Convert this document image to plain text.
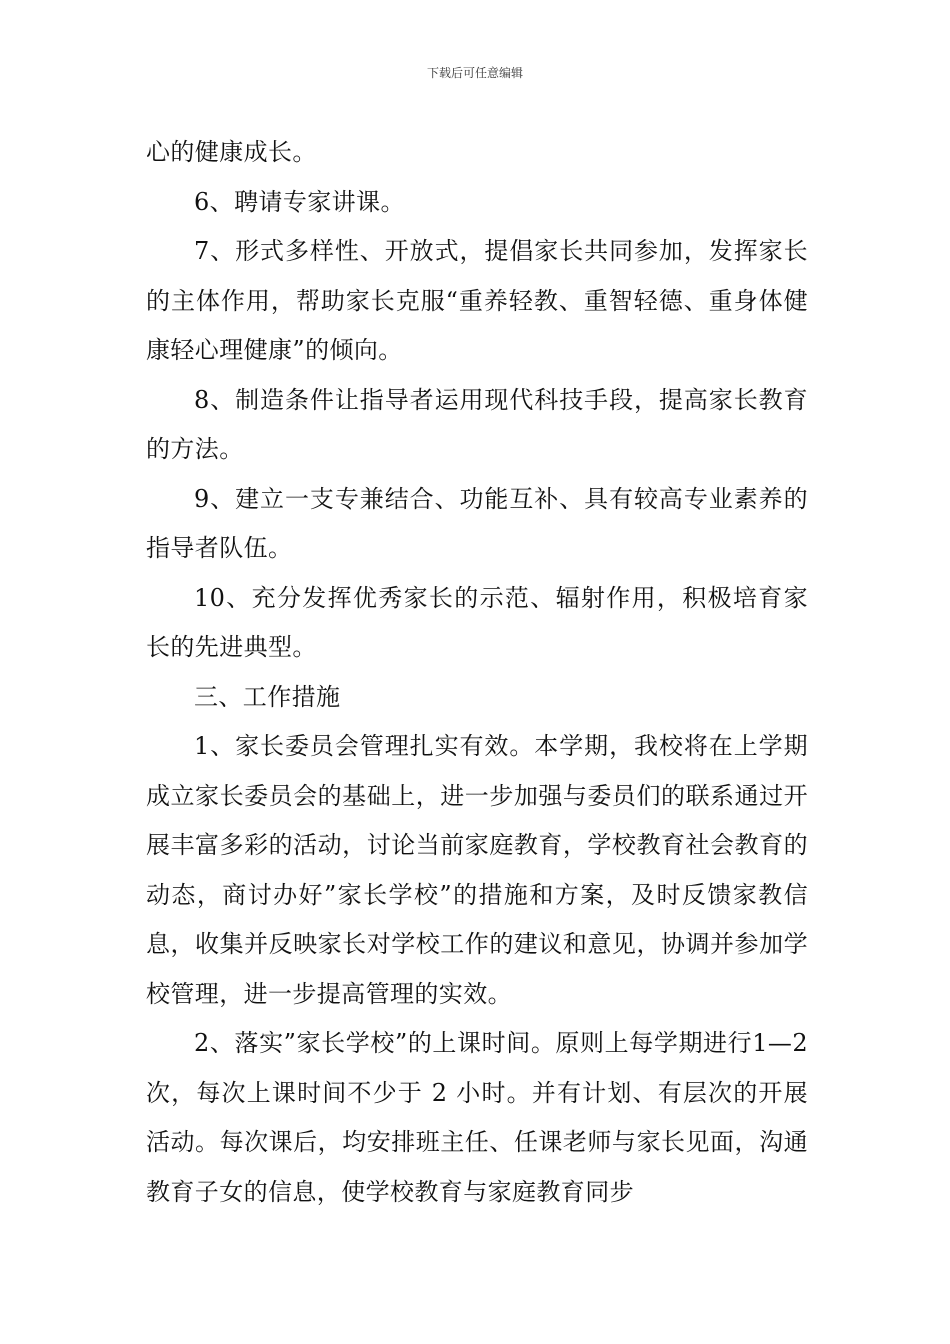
下载后可任意编辑

心的健康成长。

6、聘请专家讲课。

7、形式多样性、开放式，提倡家长共同参加，发挥家长的主体作用，帮助家长克服“重养轻教、重智轻德、重身体健康轻心理健康”的倾向。

8、制造条件让指导者运用现代科技手段，提高家长教育的方法。

9、建立一支专兼结合、功能互补、具有较高专业素养的指导者队伍。

10、充分发挥优秀家长的示范、辐射作用，积极培育家长的先进典型。

三、工作措施

1、家长委员会管理扎实有效。本学期，我校将在上学期成立家长委员会的基础上，进一步加强与委员们的联系通过开展丰富多彩的活动，讨论当前家庭教育，学校教育社会教育的动态，商讨办好”家长学校”的措施和方案，及时反馈家教信息，收集并反映家长对学校工作的建议和意见，协调并参加学校管理，进一步提高管理的实效。

2、落实”家长学校”的上课时间。原则上每学期进行1—2 次，每次上课时间不少于 2 小时。并有计划、有层次的开展活动。每次课后，均安排班主任、任课老师与家长见面，沟通教育子女的信息，使学校教育与家庭教育同步
